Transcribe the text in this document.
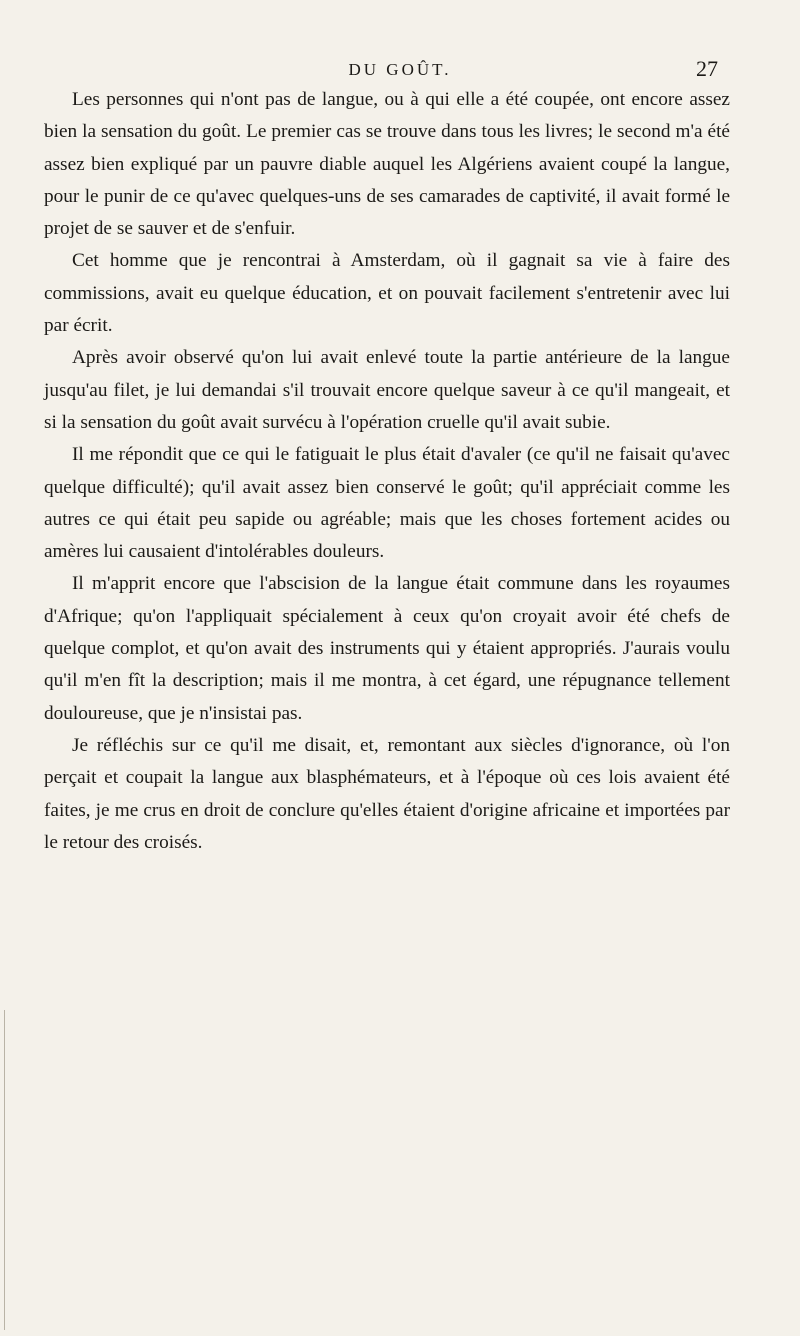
DU GOÛT.	27

Les personnes qui n'ont pas de langue, ou à qui elle a été coupée, ont encore assez bien la sensation du goût. Le premier cas se trouve dans tous les livres; le second m'a été assez bien expliqué par un pauvre diable auquel les Algériens avaient coupé la langue, pour le punir de ce qu'avec quelques-uns de ses camarades de captivité, il avait formé le projet de se sauver et de s'enfuir.

Cet homme que je rencontrai à Amsterdam, où il gagnait sa vie à faire des commissions, avait eu quelque éducation, et on pouvait facilement s'entretenir avec lui par écrit.

Après avoir observé qu'on lui avait enlevé toute la partie antérieure de la langue jusqu'au filet, je lui demandai s'il trouvait encore quelque saveur à ce qu'il mangeait, et si la sensation du goût avait survécu à l'opération cruelle qu'il avait subie.

Il me répondit que ce qui le fatiguait le plus était d'avaler (ce qu'il ne faisait qu'avec quelque difficulté); qu'il avait assez bien conservé le goût; qu'il appréciait comme les autres ce qui était peu sapide ou agréable; mais que les choses fortement acides ou amères lui causaient d'intolérables douleurs.

Il m'apprit encore que l'abscision de la langue était commune dans les royaumes d'Afrique; qu'on l'appliquait spécialement à ceux qu'on croyait avoir été chefs de quelque complot, et qu'on avait des instruments qui y étaient appropriés. J'aurais voulu qu'il m'en fît la description; mais il me montra, à cet égard, une répugnance tellement douloureuse, que je n'insistai pas.

Je réfléchis sur ce qu'il me disait, et, remontant aux siècles d'ignorance, où l'on perçait et coupait la langue aux blasphémateurs, et à l'époque où ces lois avaient été faites, je me crus en droit de conclure qu'elles étaient d'origine africaine et importées par le retour des croisés.
